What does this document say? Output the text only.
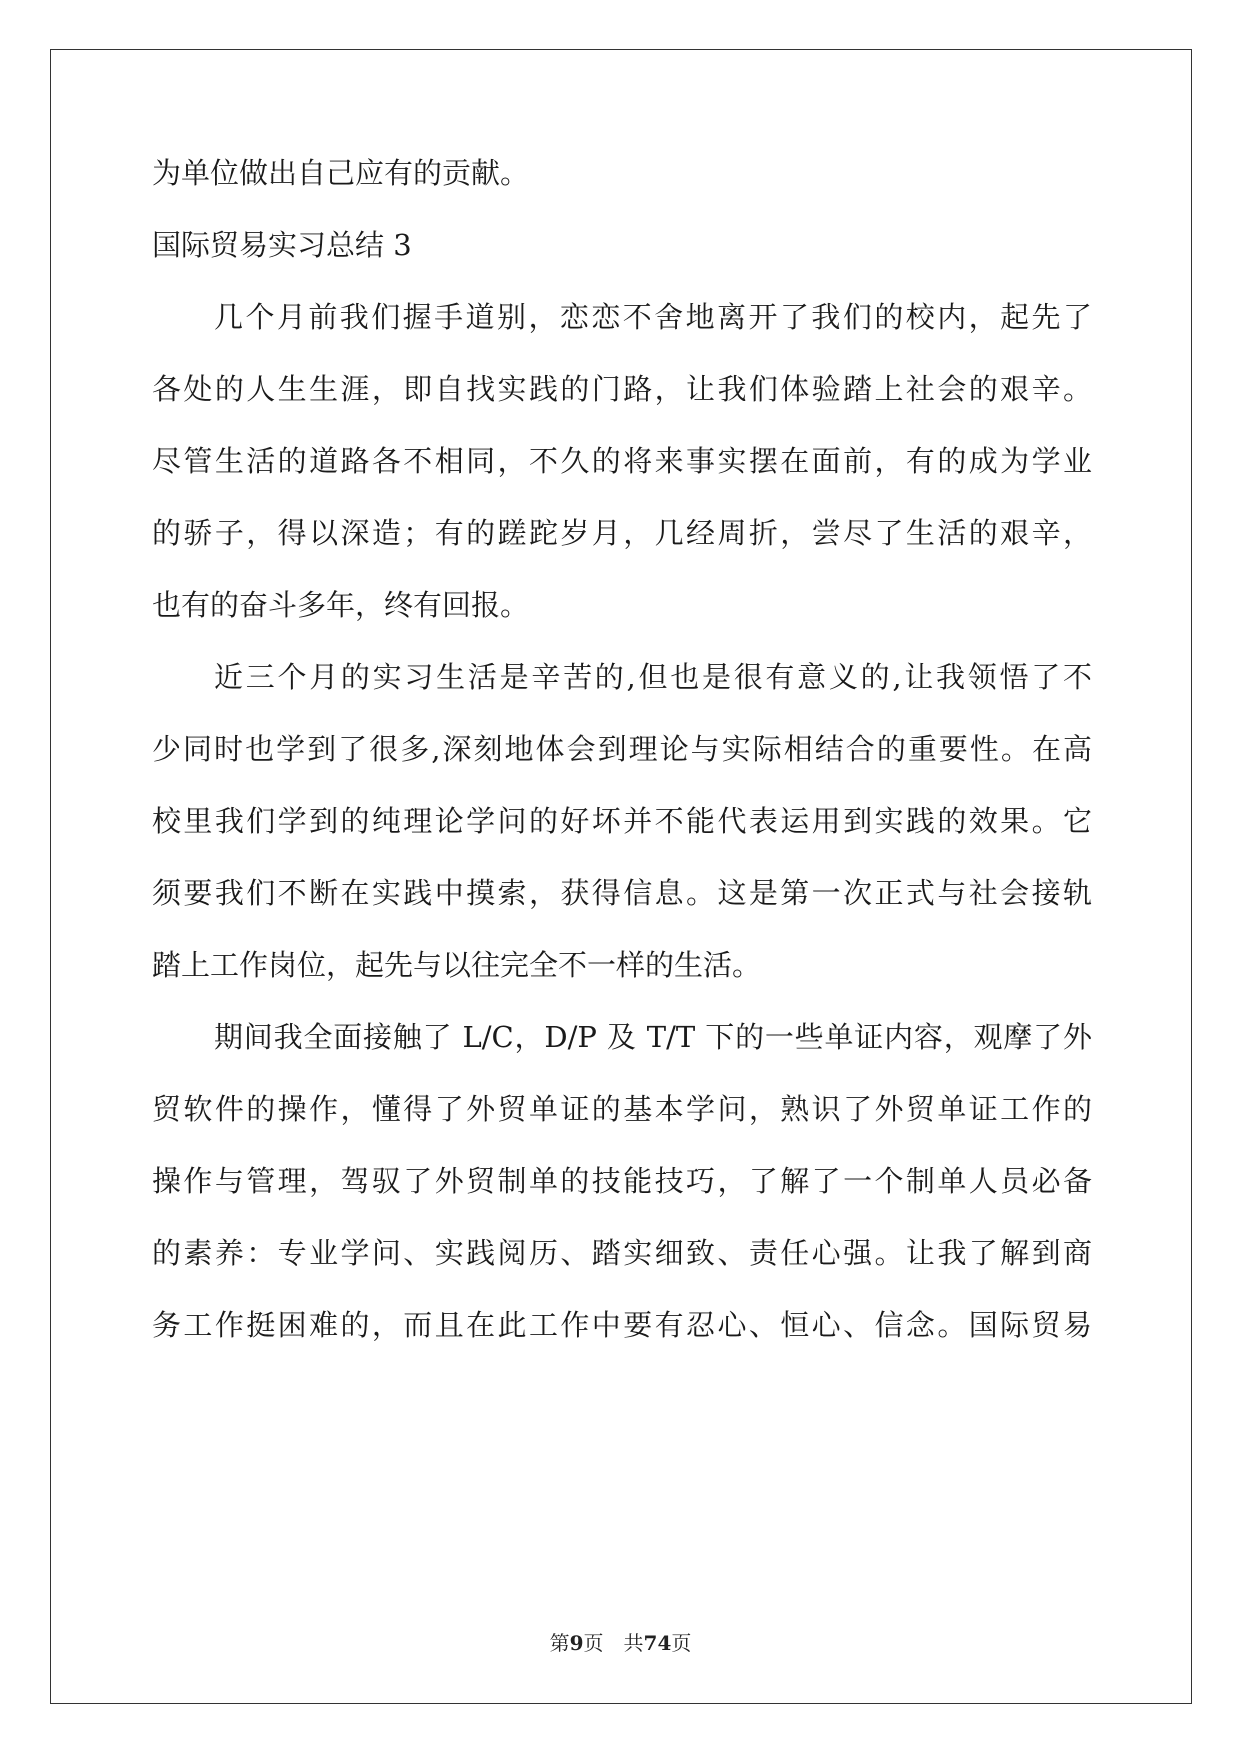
为单位做出自己应有的贡献。
国际贸易实习总结 3
几个月前我们握手道别，恋恋不舍地离开了我们的校内，起先了
各处的人生生涯，即自找实践的门路，让我们体验踏上社会的艰辛。
尽管生活的道路各不相同，不久的将来事实摆在面前，有的成为学业
的骄子，得以深造；有的蹉跎岁月，几经周折，尝尽了生活的艰辛，
也有的奋斗多年，终有回报。
近三个月的实习生活是辛苦的,但也是很有意义的,让我领悟了不
少同时也学到了很多,深刻地体会到理论与实际相结合的重要性。在高
校里我们学到的纯理论学问的好坏并不能代表运用到实践的效果。它
须要我们不断在实践中摸索，获得信息。这是第一次正式与社会接轨
踏上工作岗位，起先与以往完全不一样的生活。
期间我全面接触了 L/C，D/P 及 T/T 下的一些单证内容，观摩了外
贸软件的操作，懂得了外贸单证的基本学问，熟识了外贸单证工作的
操作与管理，驾驭了外贸制单的技能技巧，了解了一个制单人员必备
的素养：专业学问、实践阅历、踏实细致、责任心强。让我了解到商
务工作挺困难的，而且在此工作中要有忍心、恒心、信念。国际贸易
第9页　共74页
